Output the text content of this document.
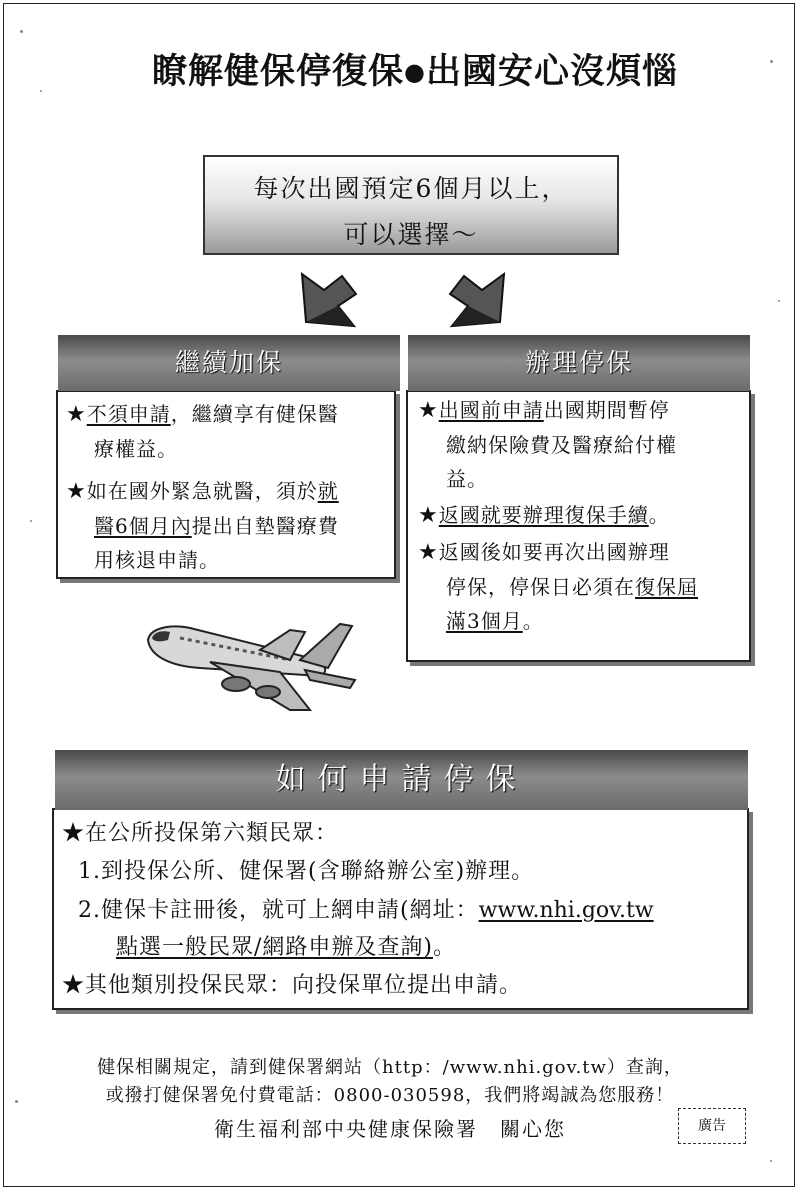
瞭解健保停復保●出國安心沒煩惱
每次出國預定6個月以上，
可以選擇～
繼續加保
★不須申請，繼續享有健保醫
療權益。
★如在國外緊急就醫，須於就
醫6個月內提出自墊醫療費
用核退申請。
辦理停保
★出國前申請出國期間暫停
繳納保險費及醫療給付權
益。
★返國就要辦理復保手續。
★返國後如要再次出國辦理
停保，停保日必須在復保屆
滿3個月。
如何申請停保
★在公所投保第六類民眾：
1.到投保公所、健保署(含聯絡辦公室)辦理。
2.健保卡註冊後，就可上網申請(網址：www.nhi.gov.tw
點選一般民眾/網路申辦及查詢)。
★其他類別投保民眾：向投保單位提出申請。
健保相關規定，請到健保署網站（http：/www.nhi.gov.tw）查詢，
或撥打健保署免付費電話：0800-030598，我們將竭誠為您服務！
衛生福利部中央健康保險署　關心您	廣告
